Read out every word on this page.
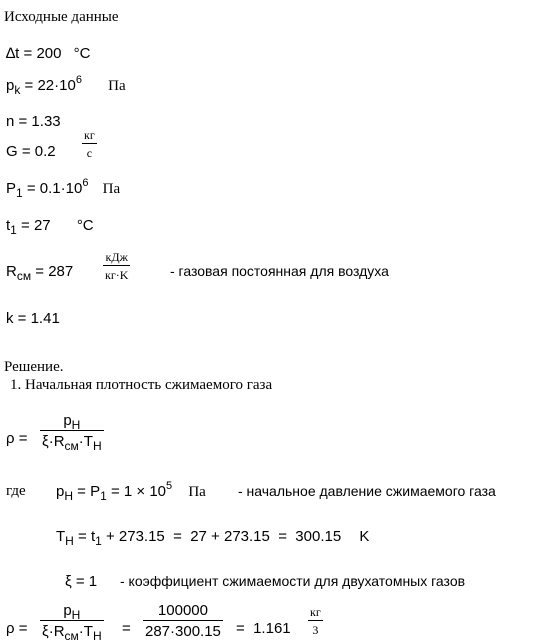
Исходные данные
∆t = 200 °C
$p_k = 22\cdot 10^6$ Па
n = 1.33
G = 0.2
кг
с
$P_1 = 0.1\cdot 10^6$ Па
$t_1 = 27$ °C
$R_{см} = 287$
кДж
кг·K	- газовая постоянная для воздуха
k = 1.41
Решение.
1. Начальная плотность сжимаемого газа
ρ =
$p_H$
$\xi\cdot R_{см}\cdot T_H$
где $p_H = P_1 = 1 \times 10^5$ Па - начальное давление сжимаемого газа
$T_H = t_1 + 273.15 = 27 + 273.15 = 300.15$ K
ξ = 1 - коэффициент сжимаемости для двухатомных газов
ρ =
$p_H$
$\xi\cdot R_{см}\cdot T_H$ =
100000
287·300.15 =  1.161
кг
3
